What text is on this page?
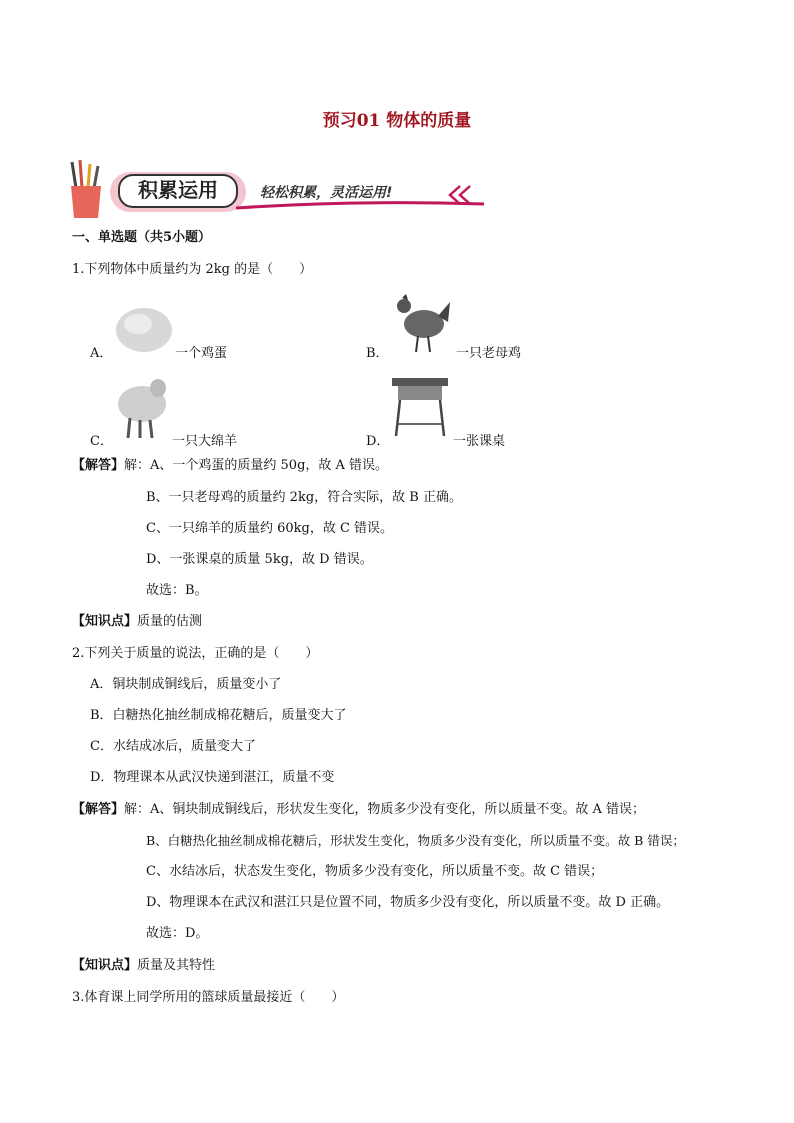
预习01 物体的质量
积累运用	轻松积累，灵活运用!
一、单选题（共5小题）
1.下列物体中质量约为 2kg 的是（　　）
A．	一个鸡蛋	B．	一只老母鸡
C．	一只大绵羊	D．	一张课桌
【解答】解：A、一个鸡蛋的质量约 50g，故 A 错误。
B、一只老母鸡的质量约 2kg，符合实际，故 B 正确。
C、一只绵羊的质量约 60kg，故 C 错误。
D、一张课桌的质量 5kg，故 D 错误。
故选：B。
【知识点】质量的估测
2.下列关于质量的说法，正确的是（　　）
A．铜块制成铜线后，质量变小了
B．白糖热化抽丝制成棉花糖后，质量变大了
C．水结成冰后，质量变大了
D．物理课本从武汉快递到湛江，质量不变
【解答】解：A、铜块制成铜线后，形状发生变化，物质多少没有变化，所以质量不变。故 A 错误；
B、白糖热化抽丝制成棉花糖后，形状发生变化，物质多少没有变化，所以质量不变。故 B 错误；
C、水结冰后，状态发生变化，物质多少没有变化，所以质量不变。故 C 错误；
D、物理课本在武汉和湛江只是位置不同，物质多少没有变化，所以质量不变。故 D 正确。
故选：D。
【知识点】质量及其特性
3.体育课上同学所用的篮球质量最接近（　　）
